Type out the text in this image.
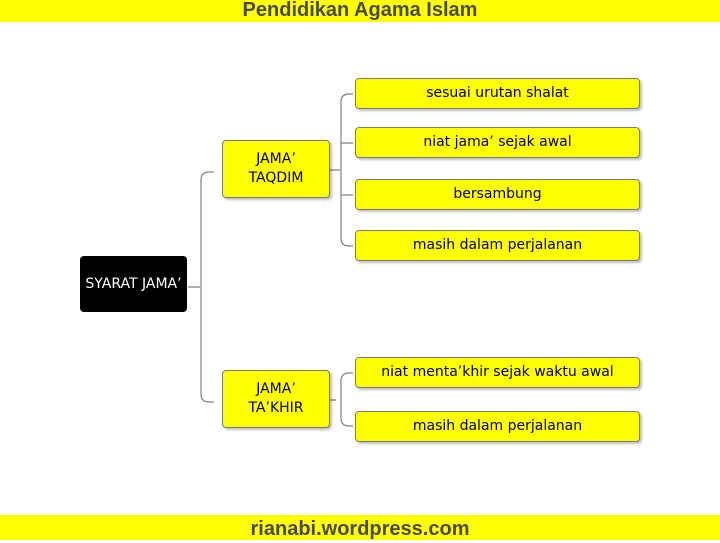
Pendidikan Agama Islam
SYARAT JAMA’
JAMA’ TAQDIM
JAMA’ TA’KHIR
sesuai urutan shalat
niat jama’ sejak awal
bersambung
masih dalam perjalanan
niat menta’khir sejak waktu awal
masih dalam perjalanan
rianabi.wordpress.com
